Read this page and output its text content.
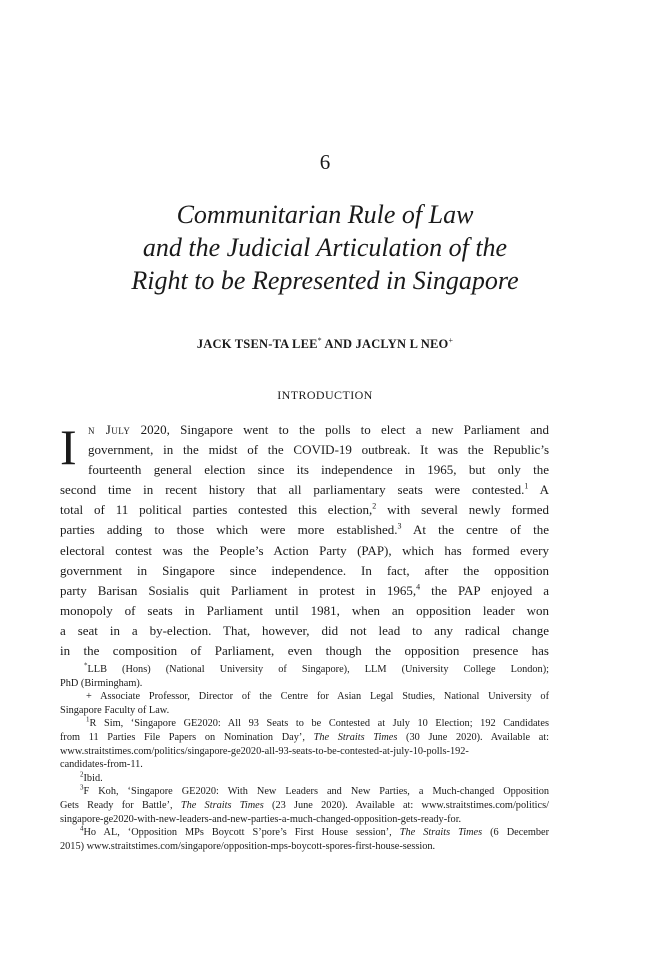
6
Communitarian Rule of Law
and the Judicial Articulation of the
Right to be Represented in Singapore
JACK TSEN-TA LEE* AND JACLYN L NEO+
INTRODUCTION
I n July 2020, Singapore went to the polls to elect a new Parliament and
government, in the midst of the COVID-19 outbreak. It was the Republic’s
fourteenth general election since its independence in 1965, but only the
second time in recent history that all parliamentary seats were contested.$^1$ A
total of 11 political parties contested this election,$^2$ with several newly formed
parties adding to those which were more established.$^3$ At the centre of the
electoral contest was the People’s Action Party (PAP), which has formed every
government in Singapore since independence. In fact, after the opposition
party Barisan Sosialis quit Parliament in protest in 1965,$^4$ the PAP enjoyed a
monopoly of seats in Parliament until 1981, when an opposition leader won
a seat in a by-election. That, however, did not lead to any radical change
in the composition of Parliament, even though the opposition presence has
*LLB (Hons) (National University of Singapore), LLM (University College London);
PhD (Birmingham).
+ Associate Professor, Director of the Centre for Asian Legal Studies, National University of
Singapore Faculty of Law.
$^1$R Sim, ‘Singapore GE2020: All 93 Seats to be Contested at July 10 Election; 192 Candidates
from 11 Parties File Papers on Nomination Day’, The Straits Times (30 June 2020). Available at:
www.straitstimes.com/politics/singapore-ge2020-all-93-seats-to-be-contested-at-july-10-polls-192-
candidates-from-11.
$^2$Ibid.
$^3$F Koh, ‘Singapore GE2020: With New Leaders and New Parties, a Much-changed Opposition
Gets Ready for Battle’, The Straits Times (23 June 2020). Available at: www.straitstimes.com/politics/
singapore-ge2020-with-new-leaders-and-new-parties-a-much-changed-opposition-gets-ready-for.
$^4$Ho AL, ‘Opposition MPs Boycott S’pore’s First House session’, The Straits Times (6 December
2015) www.straitstimes.com/singapore/opposition-mps-boycott-spores-first-house-session.
